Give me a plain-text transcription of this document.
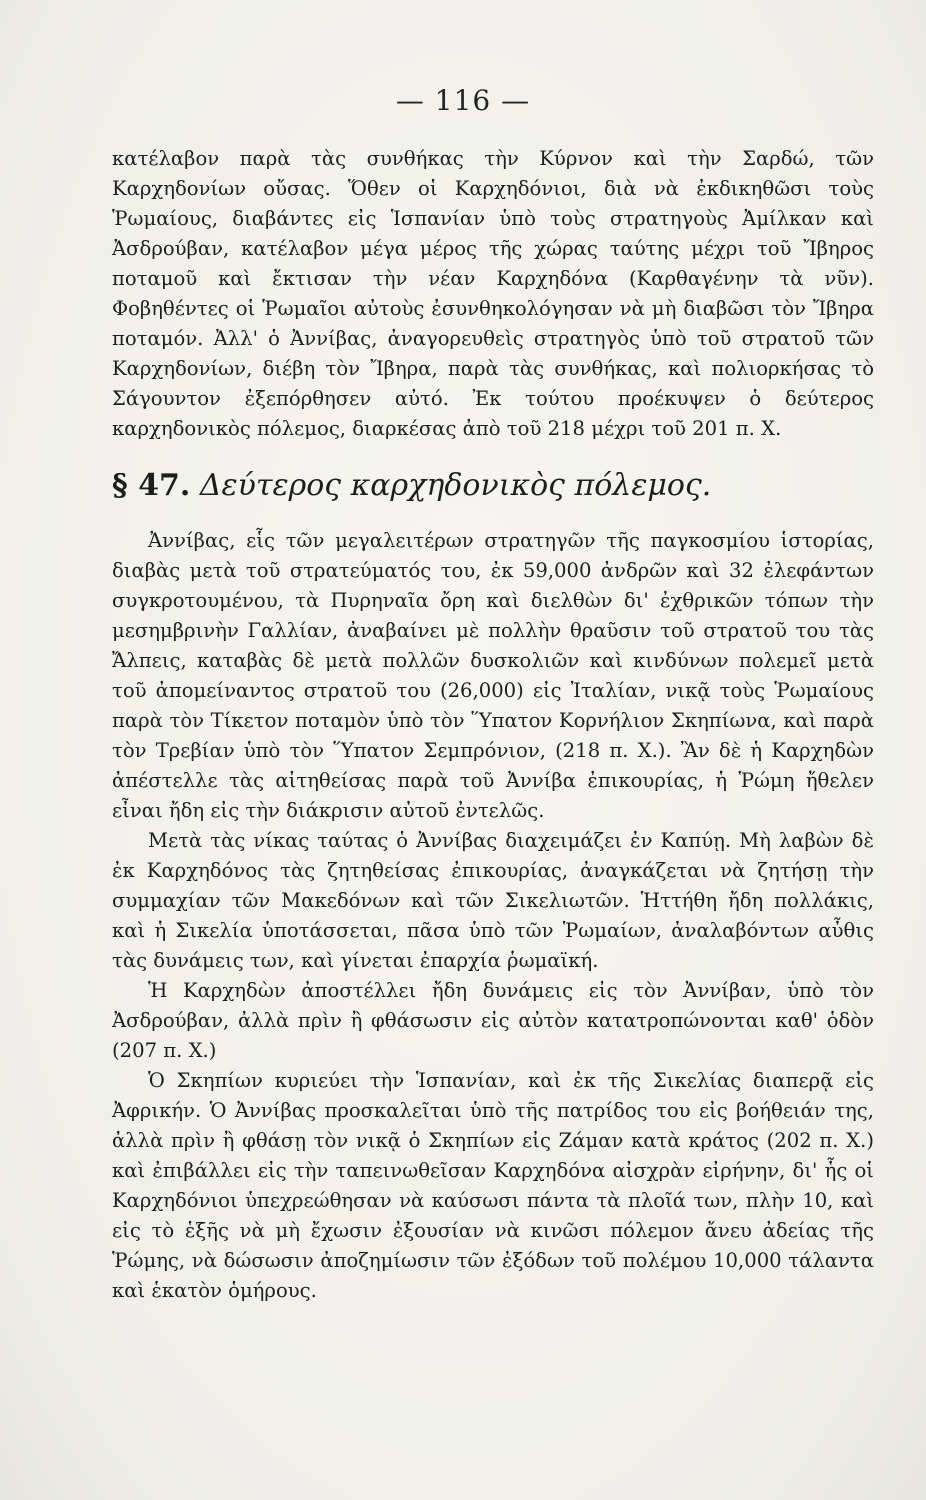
— 116 —

κατέλαβον παρὰ τὰς συνθήκας τὴν Κύρνον καὶ τὴν Σαρδώ, τῶν Καρχηδονίων οὔσας. Ὅθεν οἱ Καρχηδόνιοι, διὰ νὰ ἐκδικηθῶσι τοὺς Ῥωμαίους, διαβάντες εἰς Ἱσπανίαν ὑπὸ τοὺς στρατηγοὺς Ἀμίλκαν καὶ Ἀσδρούβαν, κατέλαβον μέγα μέρος τῆς χώρας ταύτης μέχρι τοῦ Ἴβηρος ποταμοῦ καὶ ἔκτισαν τὴν νέαν Καρχηδόνα (Καρθαγένην τὰ νῦν). Φοβηθέντες οἱ Ῥωμαῖοι αὐτοὺς ἐσυνθηκολόγησαν νὰ μὴ διαβῶσι τὸν Ἴβηρα ποταμόν. Ἀλλ' ὁ Ἀννίβας, ἀναγορευθεὶς στρατηγὸς ὑπὸ τοῦ στρατοῦ τῶν Καρχηδονίων, διέβη τὸν Ἴβηρα, παρὰ τὰς συνθήκας, καὶ πολιορκήσας τὸ Σάγουντον ἐξεπόρθησεν αὐτό. Ἐκ τούτου προέκυψεν ὁ δεύτερος καρχηδονικὸς πόλεμος, διαρκέσας ἀπὸ τοῦ 218 μέχρι τοῦ 201 π. Χ.

§ 47. Δεύτερος καρχηδονικὸς πόλεμος.

Ἀννίβας, εἷς τῶν μεγαλειτέρων στρατηγῶν τῆς παγκοσμίου ἱστορίας, διαβὰς μετὰ τοῦ στρατεύματός του, ἐκ 59,000 ἀνδρῶν καὶ 32 ἐλεφάντων συγκροτουμένου, τὰ Πυρηναῖα ὄρη καὶ διελθὼν δι' ἐχθρικῶν τόπων τὴν μεσημβρινὴν Γαλλίαν, ἀναβαίνει μὲ πολλὴν θραῦσιν τοῦ στρατοῦ του τὰς Ἄλπεις, καταβὰς δὲ μετὰ πολλῶν δυσκολιῶν καὶ κινδύνων πολεμεῖ μετὰ τοῦ ἀπομείναντος στρατοῦ του (26,000) εἰς Ἰταλίαν, νικᾷ τοὺς Ῥωμαίους παρὰ τὸν Τίκετον ποταμὸν ὑπὸ τὸν Ὕπατον Κορνήλιον Σκηπίωνα, καὶ παρὰ τὸν Τρεβίαν ὑπὸ τὸν Ὕπατον Σεμπρόνιον, (218 π. Χ.). Ἂν δὲ ἡ Καρχηδὼν ἀπέστελλε τὰς αἰτηθείσας παρὰ τοῦ Ἀννίβα ἐπικουρίας, ἡ Ῥώμη ἤθελεν εἶναι ἤδη εἰς τὴν διάκρισιν αὐτοῦ ἐντελῶς.

Μετὰ τὰς νίκας ταύτας ὁ Ἀννίβας διαχειμάζει ἐν Καπύῃ. Μὴ λαβὼν δὲ ἐκ Καρχηδόνος τὰς ζητηθείσας ἐπικουρίας, ἀναγκάζεται νὰ ζητήσῃ τὴν συμμαχίαν τῶν Μακεδόνων καὶ τῶν Σικελιωτῶν. Ἡττήθη ἤδη πολλάκις, καὶ ἡ Σικελία ὑποτάσσεται, πᾶσα ὑπὸ τῶν Ῥωμαίων, ἀναλαβόντων αὖθις τὰς δυνάμεις των, καὶ γίνεται ἐπαρχία ῥωμαϊκή.

Ἡ Καρχηδὼν ἀποστέλλει ἤδη δυνάμεις εἰς τὸν Ἀννίβαν, ὑπὸ τὸν Ἀσδρούβαν, ἀλλὰ πρὶν ἢ φθάσωσιν εἰς αὐτὸν κατατροπώνονται καθ' ὁδὸν (207 π. Χ.)

Ὁ Σκηπίων κυριεύει τὴν Ἱσπανίαν, καὶ ἐκ τῆς Σικελίας διαπερᾷ εἰς Ἀφρικήν. Ὁ Ἀννίβας προσκαλεῖται ὑπὸ τῆς πατρίδος του εἰς βοήθειάν της, ἀλλὰ πρὶν ἢ φθάσῃ τὸν νικᾷ ὁ Σκηπίων εἰς Ζάμαν κατὰ κράτος (202 π. Χ.) καὶ ἐπιβάλλει εἰς τὴν ταπεινωθεῖσαν Καρχηδόνα αἰσχρὰν εἰρήνην, δι' ἧς οἱ Καρχηδόνιοι ὑπεχρεώθησαν νὰ καύσωσι πάντα τὰ πλοῖά των, πλὴν 10, καὶ εἰς τὸ ἑξῆς νὰ μὴ ἔχωσιν ἐξουσίαν νὰ κινῶσι πόλεμον ἄνευ ἀδείας τῆς Ῥώμης, νὰ δώσωσιν ἀποζημίωσιν τῶν ἐξόδων τοῦ πολέμου 10,000 τάλαντα καὶ ἑκατὸν ὁμήρους.
